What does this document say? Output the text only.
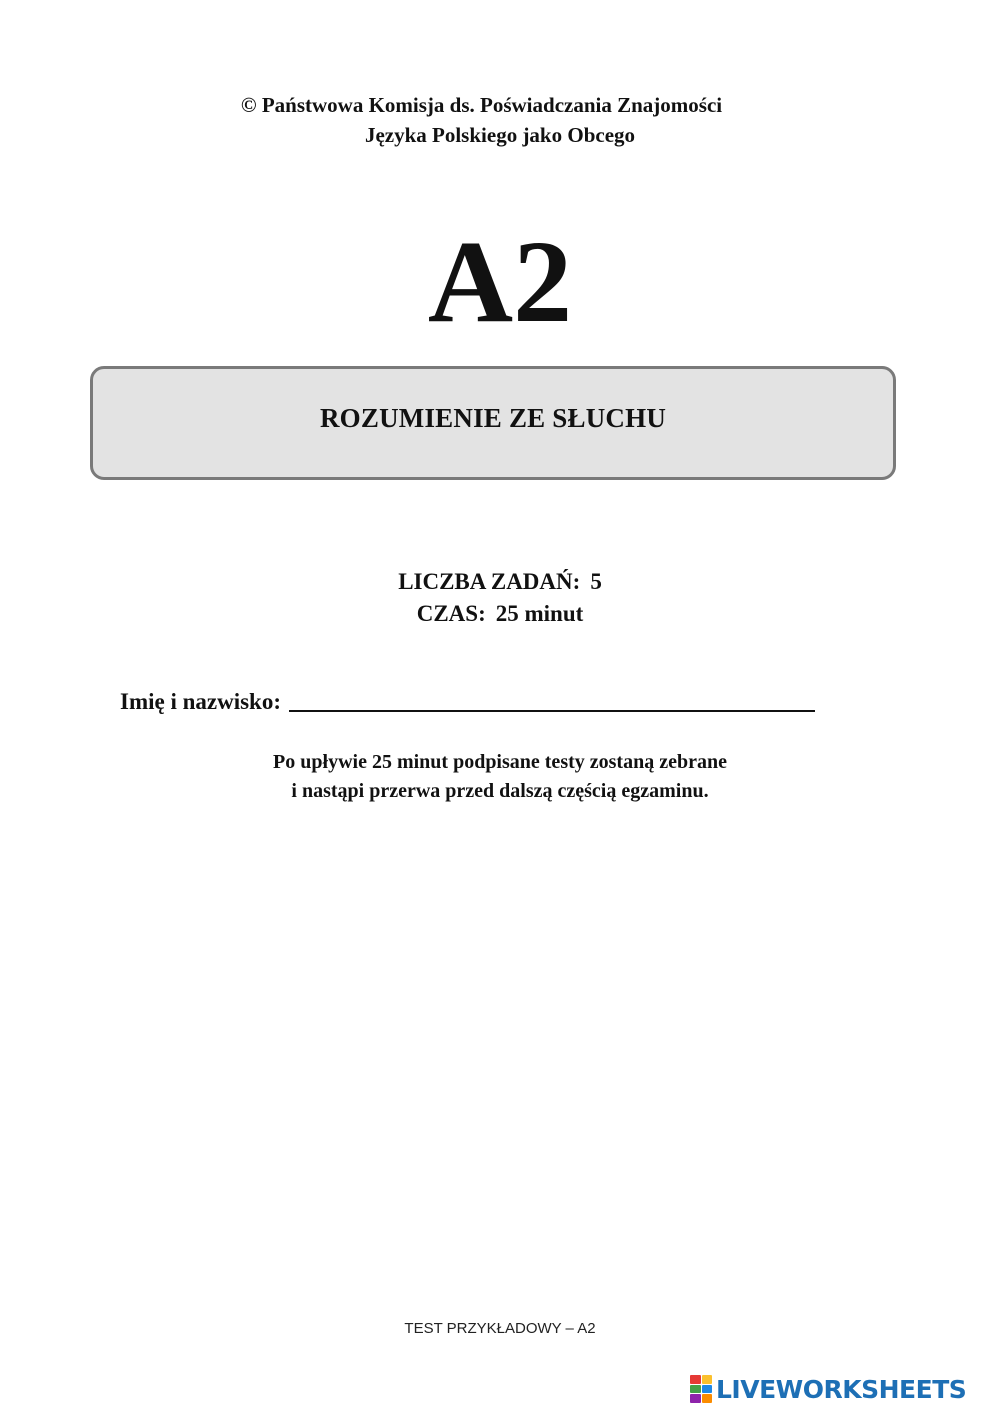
© Państwowa Komisja ds. Poświadczania Znajomości
Języka Polskiego jako Obcego
A2
ROZUMIENIE ZE SŁUCHU
LICZBA ZADAŃ: 5
CZAS: 25 minut
Imię i nazwisko:
Po upływie 25 minut podpisane testy zostaną zebrane
i nastąpi przerwa przed dalszą częścią egzaminu.
TEST PRZYKŁADOWY – A2
LIVEWORKSHEETS
